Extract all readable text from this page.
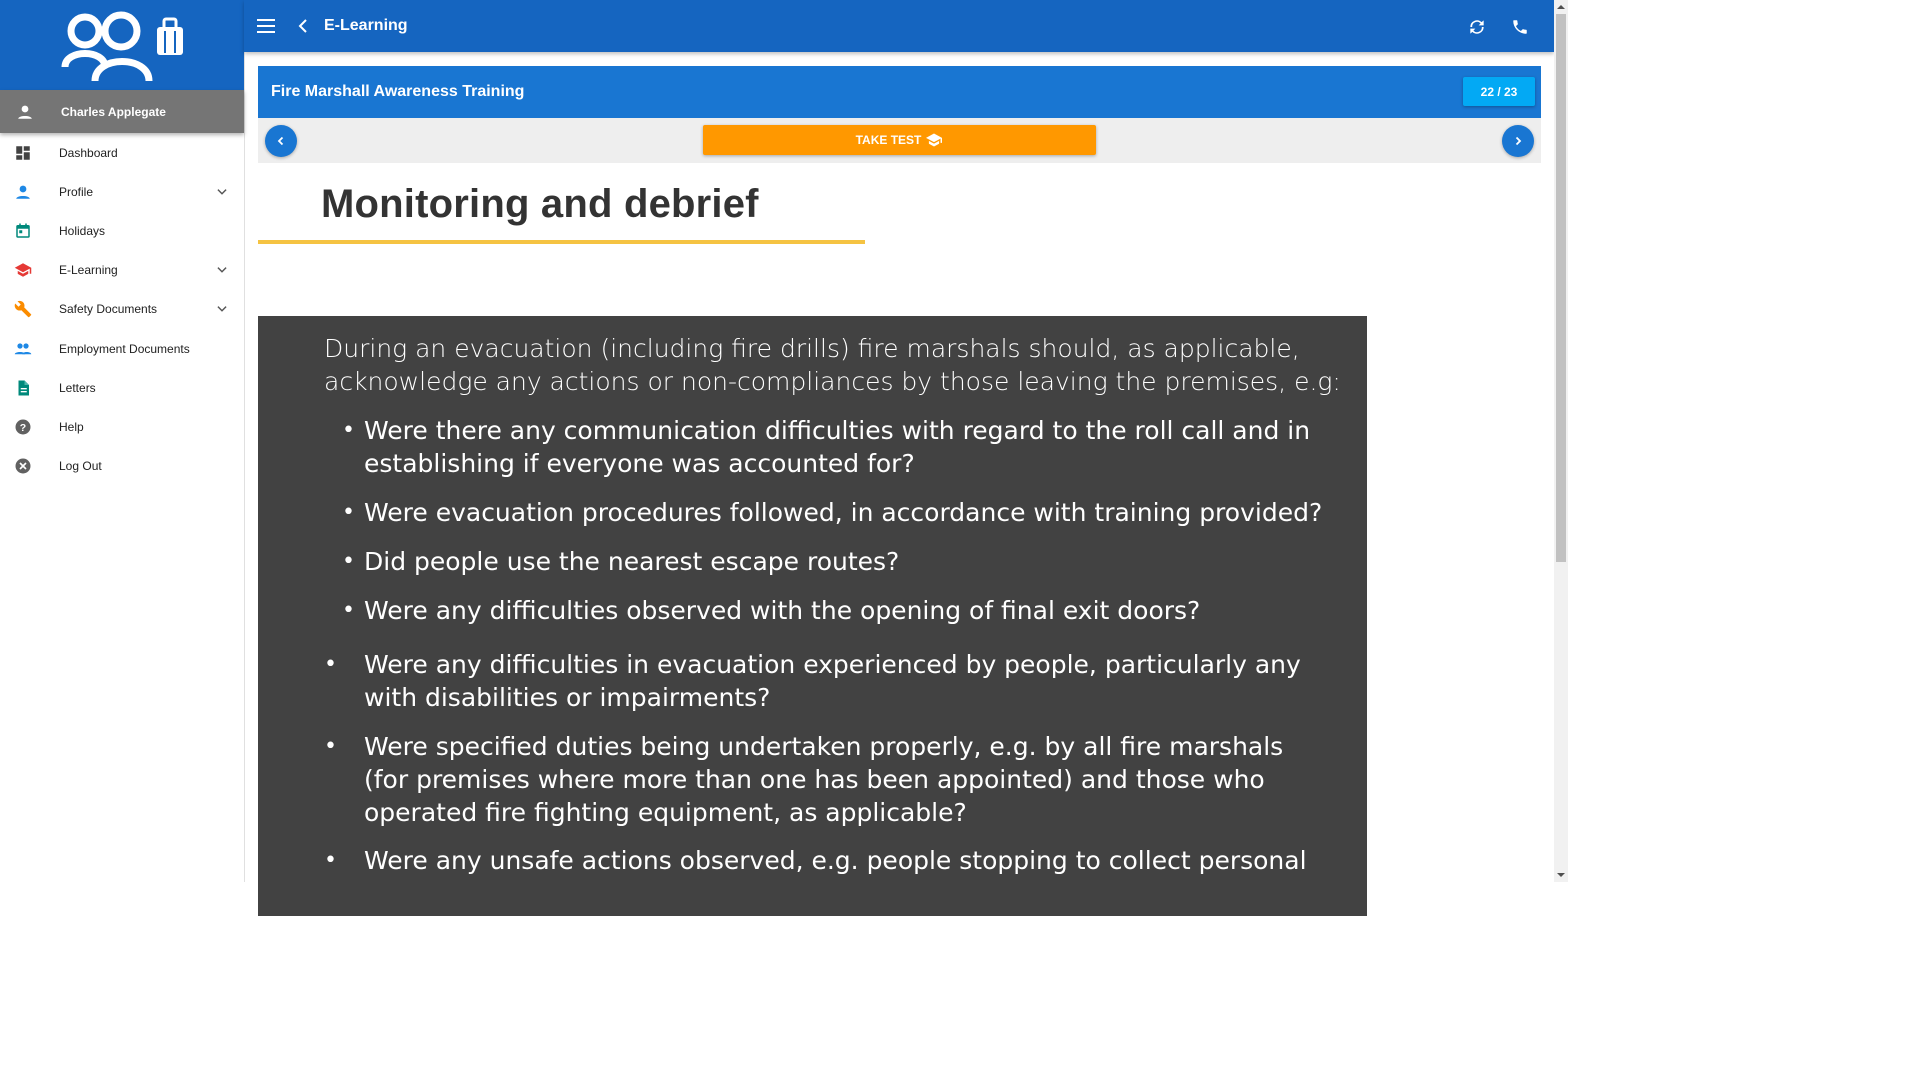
Charles Applegate
Dashboard
Profile
Holidays
E-Learning
Safety Documents
Employment Documents
Letters
?	Help
Log Out
E-Learning
Fire Marshall Awareness Training	22 / 23
TAKE TEST
Monitoring and debrief

During an evacuation (including fire drills) fire marshals should, as applicable, acknowledge any actions or non-compliances by those leaving the premises, e.g:

• Were there any communication difficulties with regard to the roll call and in establishing if everyone was accounted for?
• Were evacuation procedures followed, in accordance with training provided?
• Did people use the nearest escape routes?
• Were any difficulties observed with the opening of final exit doors?
• Were any difficulties in evacuation experienced by people, particularly any with disabilities or impairments?
• Were specified duties being undertaken properly, e.g. by all fire marshals (for premises where more than one has been appointed) and those who operated fire fighting equipment, as applicable?
• Were any unsafe actions observed, e.g. people stopping to collect personal
